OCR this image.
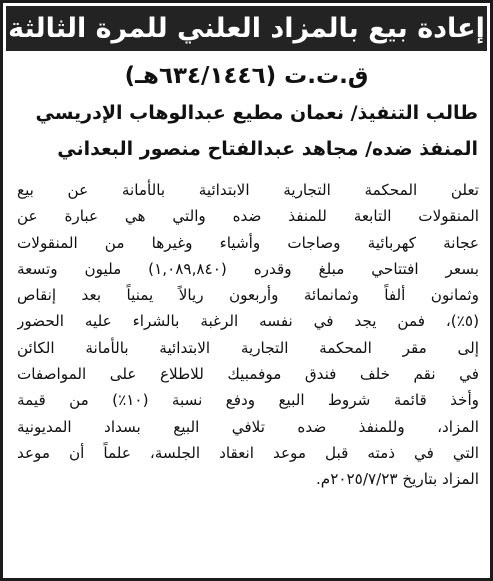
إعادة بيع بالمزاد العلني للمرة الثالثة
ق.ت.ت (٦٣٤/١٤٤٦هـ)
طالب التنفيذ/ نعمان مطيع عبدالوهاب الإدريسي
المنفذ ضده/ مجاهد عبدالفتاح منصور البعداني
تعلن المحكمة التجارية الابتدائية بالأمانة عن بيع
المنقولات التابعة للمنفذ ضده والتي هي عبارة عن
عجانة كهربائية وصاجات وأشياء وغيرها من المنقولات
بسعر افتتاحي مبلغ وقدره (١,٠٨٩,٨٤٠) مليون وتسعة
وثمانون ألفاً وثمانمائة وأربعون ريالاً يمنياً بعد إنقاص
(٥٪)، فمن يجد في نفسه الرغبة بالشراء عليه الحضور
إلى مقر المحكمة التجارية الابتدائية بالأمانة الكائن
في نقم خلف فندق موفمبيك للاطلاع على المواصفات
وأخذ قائمة شروط البيع ودفع نسبة (١٠٪) من قيمة
المزاد، وللمنفذ ضده تلافي البيع بسداد المديونية
التي في ذمته قبل موعد انعقاد الجلسة، علماً أن موعد
المزاد بتاريخ ٢٠٢٥/٧/٢٣م.
